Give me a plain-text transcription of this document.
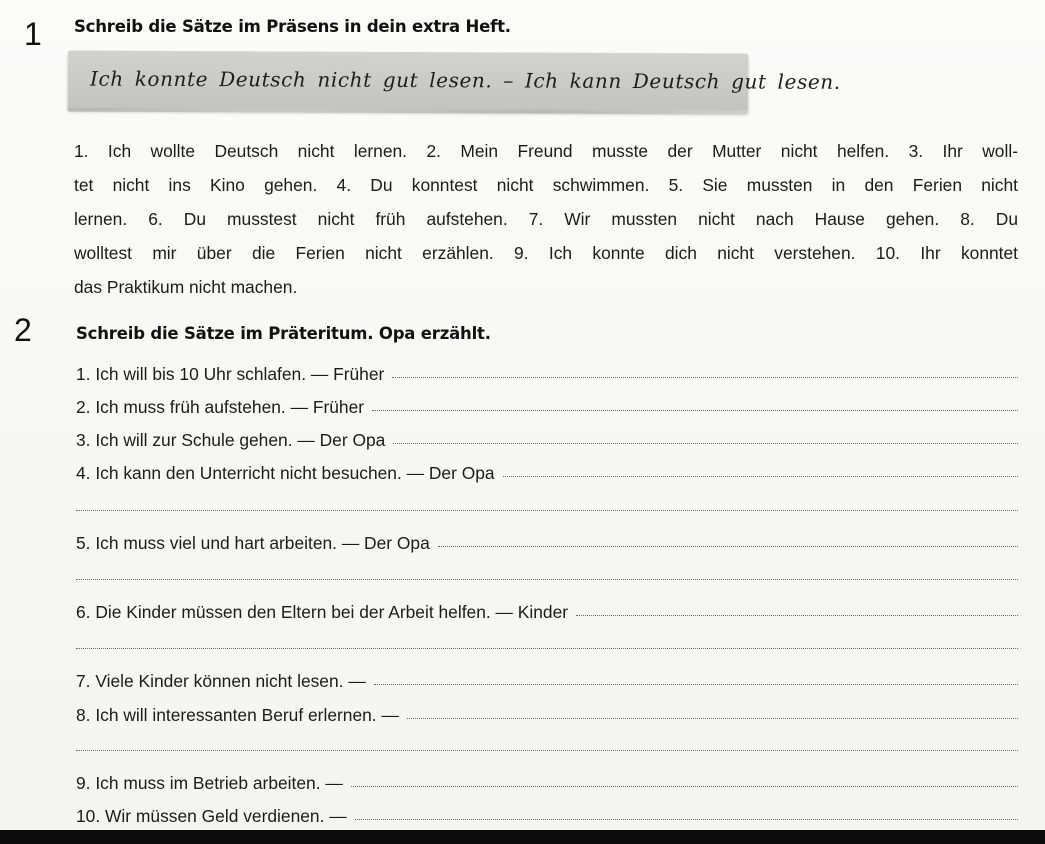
1 Schreib die Sätze im Präsens in dein extra Heft.
Ich konnte Deutsch nicht gut lesen. – Ich kann Deutsch gut lesen.
1. Ich wollte Deutsch nicht lernen. 2. Mein Freund musste der Mutter nicht helfen. 3. Ihr woll-
tet nicht ins Kino gehen. 4. Du konntest nicht schwimmen. 5. Sie mussten in den Ferien nicht
lernen. 6. Du musstest nicht früh aufstehen. 7. Wir mussten nicht nach Hause gehen. 8. Du
wolltest mir über die Ferien nicht erzählen. 9. Ich konnte dich nicht verstehen. 10. Ihr konntet
das Praktikum nicht machen.
2	Schreib die Sätze im Präteritum. Opa erzählt.
1. Ich will bis 10 Uhr schlafen. — Früher
2. Ich muss früh aufstehen. — Früher
3. Ich will zur Schule gehen. — Der Opa
4. Ich kann den Unterricht nicht besuchen. — Der Opa
5. Ich muss viel und hart arbeiten. — Der Opa
6. Die Kinder müssen den Eltern bei der Arbeit helfen. — Kinder
7. Viele Kinder können nicht lesen. —
8. Ich will interessanten Beruf erlernen. —
9. Ich muss im Betrieb arbeiten. —
10. Wir müssen Geld verdienen. —
